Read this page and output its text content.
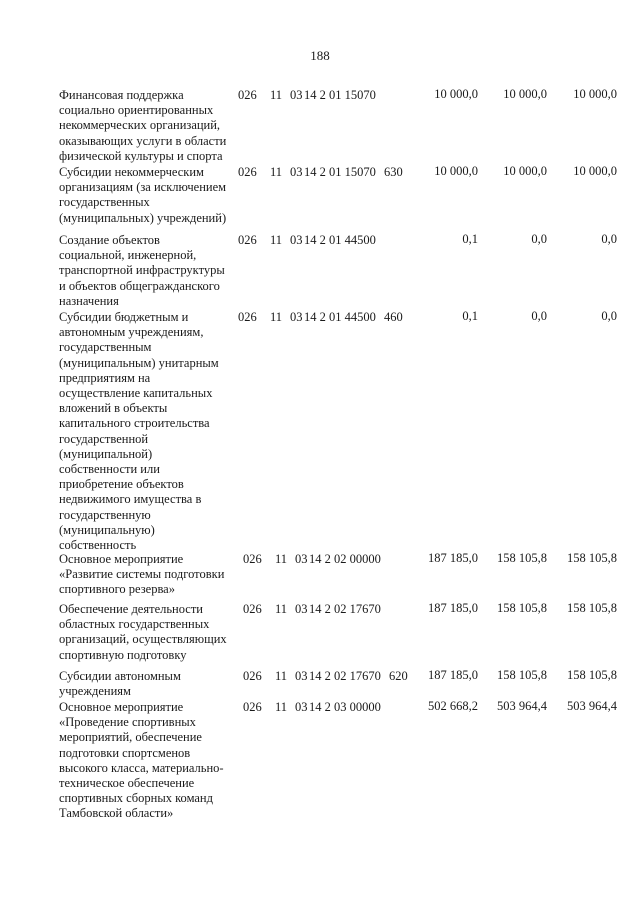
188
Финансовая поддержка
социально ориентированных
некоммерческих организаций,
оказывающих услуги в области
физической культуры и спорта
026 11 03 14 2 01 15070	10 000,0	10 000,0	10 000,0
Субсидии некоммерческим
организациям (за исключением
государственных
(муниципальных) учреждений)
026 11 03 14 2 01 15070 630	10 000,0	10 000,0	10 000,0
Создание объектов
социальной, инженерной,
транспортной инфраструктуры
и объектов общегражданского
назначения
026 11 03 14 2 01 44500	0,1	0,0	0,0
Субсидии бюджетным и
автономным учреждениям,
государственным
(муниципальным) унитарным
предприятиям на
осуществление капитальных
вложений в объекты
капитального строительства
государственной
(муниципальной)
собственности или
приобретение объектов
недвижимого имущества в
государственную
(муниципальную)
собственность
026 11 03 14 2 01 44500 460	0,1	0,0	0,0
Основное мероприятие
«Развитие системы подготовки
спортивного резерва»
026 11 03 14 2 02 00000	187 185,0	158 105,8	158 105,8
Обеспечение деятельности
областных государственных
организаций, осуществляющих
спортивную подготовку
026 11 03 14 2 02 17670	187 185,0	158 105,8	158 105,8
Субсидии автономным
учреждениям
026 11 03 14 2 02 17670 620	187 185,0	158 105,8	158 105,8
Основное мероприятие
«Проведение спортивных
мероприятий, обеспечение
подготовки спортсменов
высокого класса, материально-
техническое обеспечение
спортивных сборных команд
Тамбовской области»
026 11 03 14 2 03 00000	502 668,2	503 964,4	503 964,4
